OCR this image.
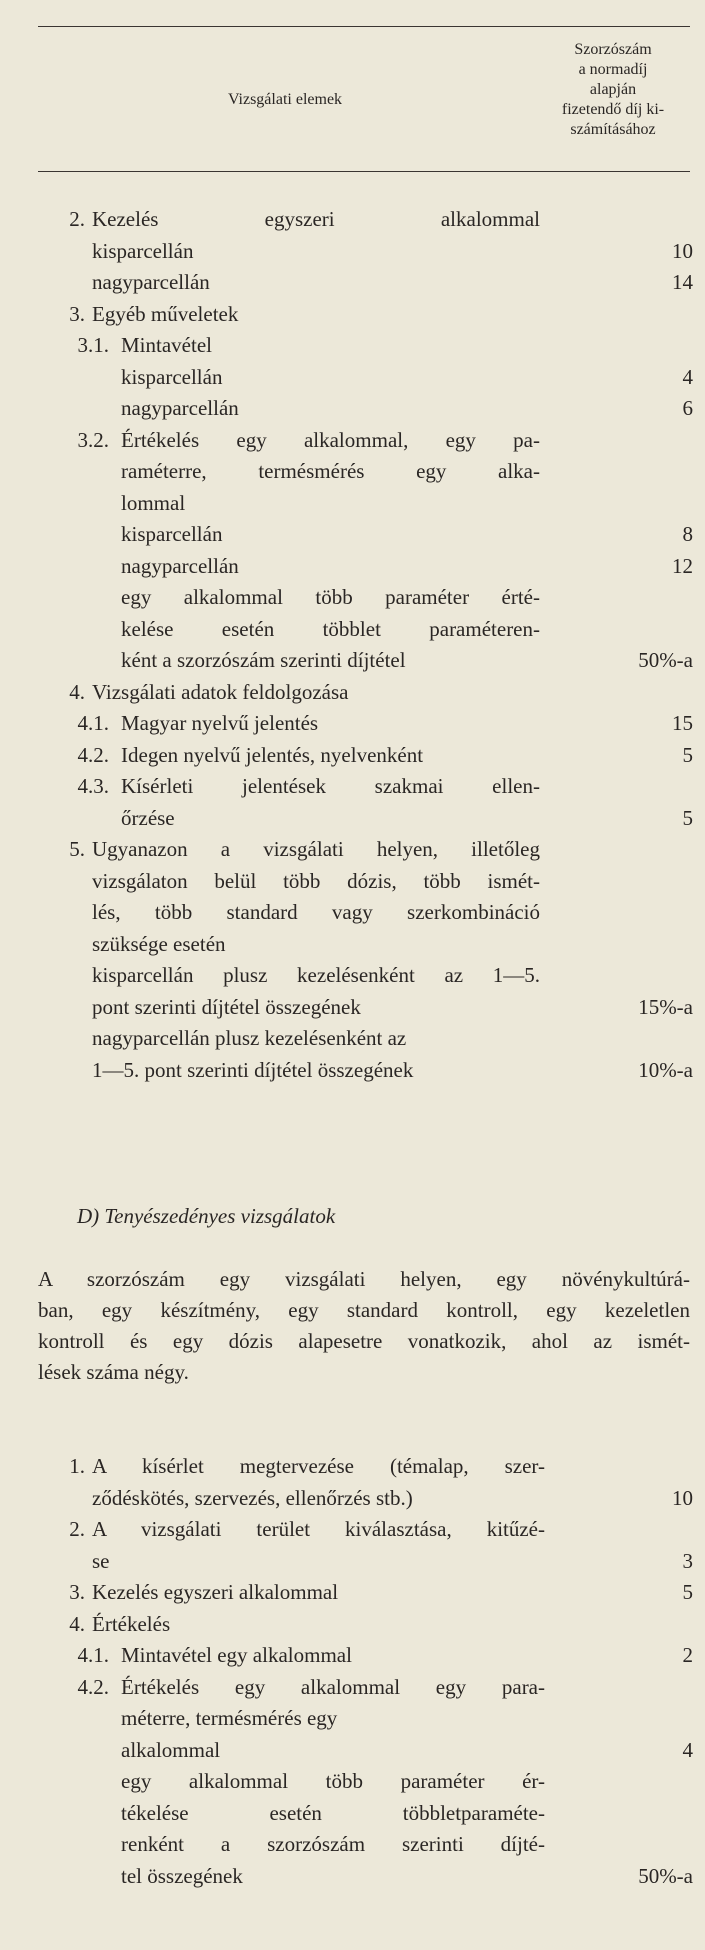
Vizsgálati elemek
Szorzószám
a normadíj
alapján
fizetendő díj ki-
számításához
2. Kezelés egyszeri alkalommal
kisparcellán	10
nagyparcellán	14
3. Egyéb műveletek
3.1. Mintavétel
kisparcellán	4
nagyparcellán	6
3.2. Értékelés egy alkalommal, egy pa-
raméterre, termésmérés egy alka-
lommal
kisparcellán	8
nagyparcellán	12
egy alkalommal több paraméter érté-
kelése esetén többlet paraméteren-
ként a szorzószám szerinti díjtétel	50%-a
4. Vizsgálati adatok feldolgozása
4.1. Magyar nyelvű jelentés	15
4.2. Idegen nyelvű jelentés, nyelvenként	5
4.3. Kísérleti jelentések szakmai ellen-
őrzése	5
5. Ugyanazon a vizsgálati helyen, illetőleg
vizsgálaton belül több dózis, több ismét-
lés, több standard vagy szerkombináció
szüksége esetén
kisparcellán plusz kezelésenként az 1—5.
pont szerinti díjtétel összegének	15%-a
nagyparcellán plusz kezelésenként az
1—5. pont szerinti díjtétel összegének	10%-a
D) Tenyészedényes vizsgálatok
A szorzószám egy vizsgálati helyen, egy növénykultúrá-
ban, egy készítmény, egy standard kontroll, egy kezeletlen
kontroll és egy dózis alapesetre vonatkozik, ahol az ismét-
lések száma négy.
1. A kísérlet megtervezése (témalap, szer-
ződéskötés, szervezés, ellenőrzés stb.)	10
2. A vizsgálati terület kiválasztása, kitűzé-
se	3
3. Kezelés egyszeri alkalommal	5
4. Értékelés
4.1. Mintavétel egy alkalommal	2
4.2. Értékelés egy alkalommal egy para-
méterre, termésmérés egy
alkalommal	4
egy alkalommal több paraméter ér-
tékelése esetén többletparaméte-
renként a szorzószám szerinti díjté-
tel összegének	50%-a
